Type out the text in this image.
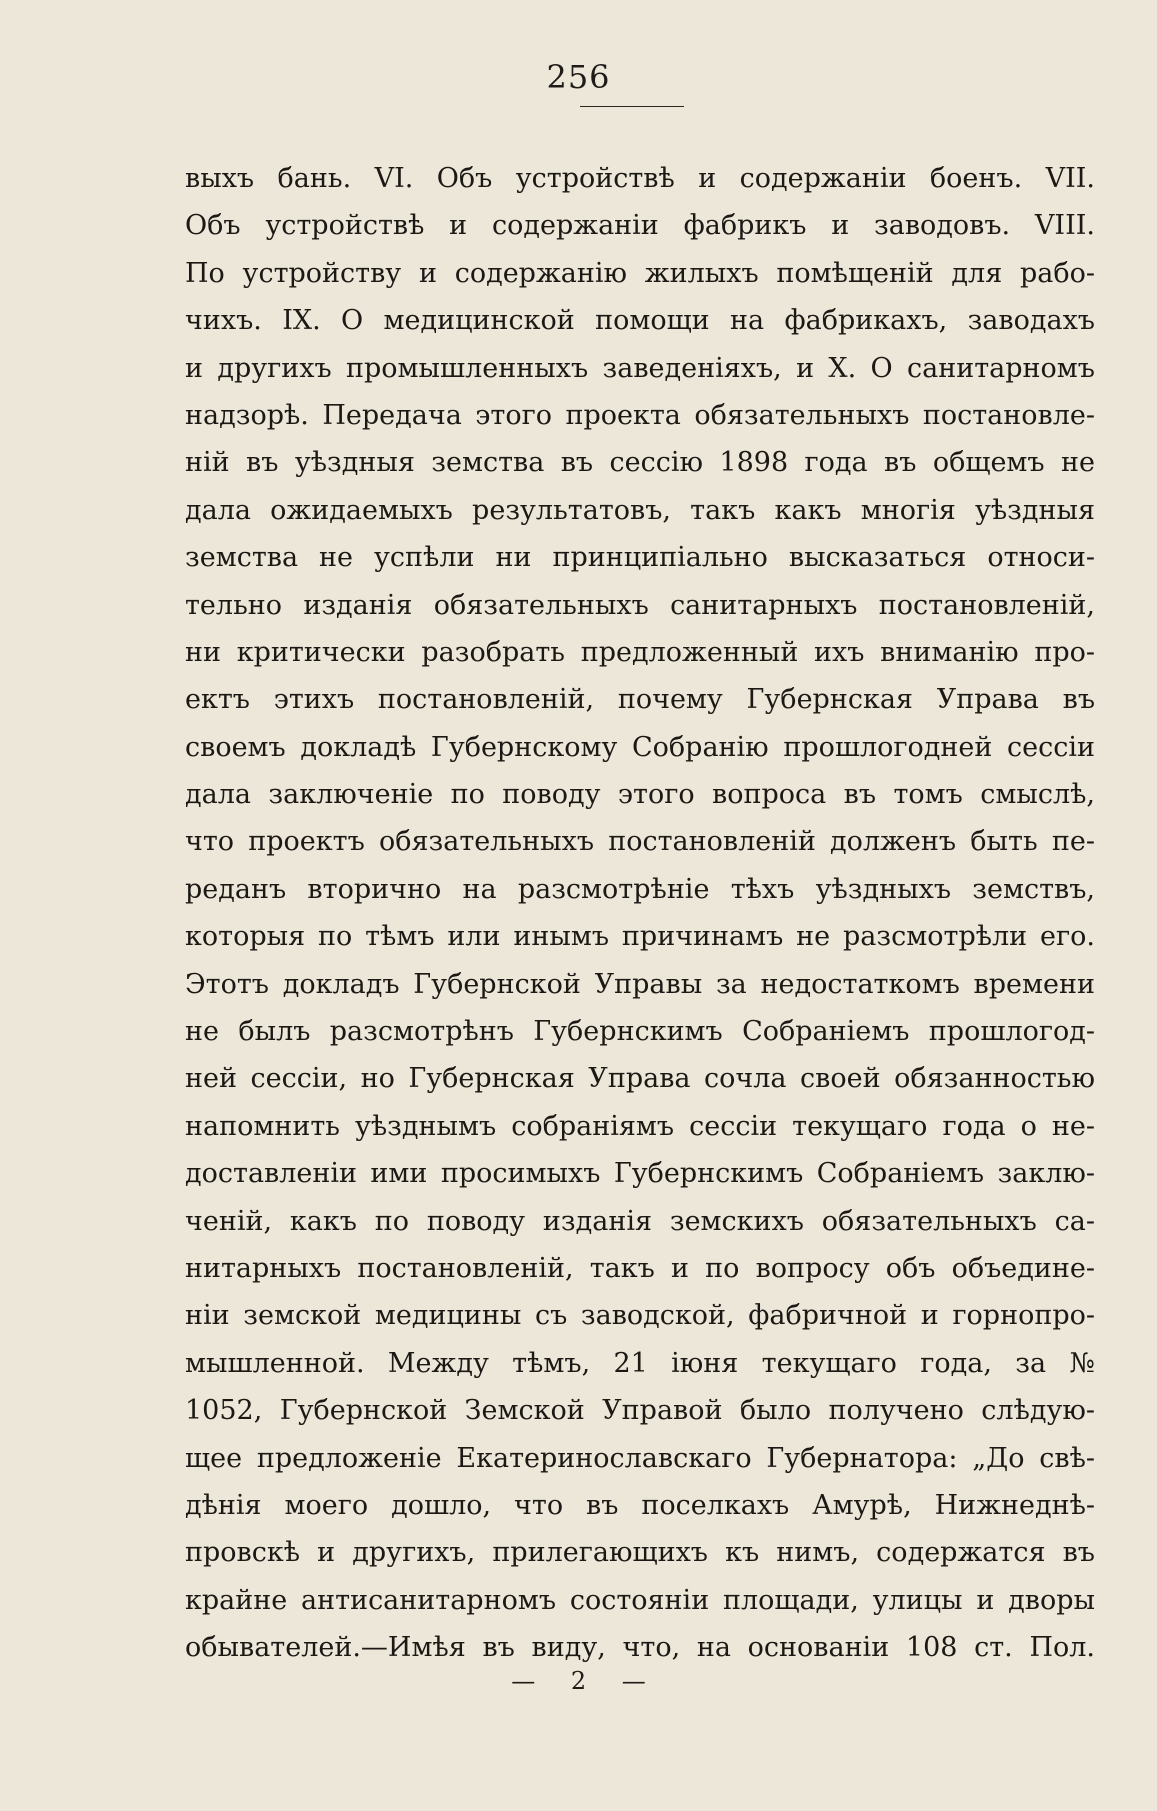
256
выхъ бань. VI. Объ устройствѣ и содержаніи боенъ. VII.
Объ устройствѣ и содержаніи фабрикъ и заводовъ. VIII.
По устройству и содержанію жилыхъ помѣщеній для рабо-
чихъ. IX. О медицинской помощи на фабрикахъ, заводахъ
и другихъ промышленныхъ заведеніяхъ, и X. О санитарномъ
надзорѣ. Передача этого проекта обязательныхъ постановле-
ній въ уѣздныя земства въ сессію 1898 года въ общемъ не
дала ожидаемыхъ результатовъ, такъ какъ многія уѣздныя
земства не успѣли ни принципіально высказаться относи-
тельно изданія обязательныхъ санитарныхъ постановленій,
ни критически разобрать предложенный ихъ вниманію про-
ектъ этихъ постановленій, почему Губернская Управа въ
своемъ докладѣ Губернскому Собранію прошлогодней сессіи
дала заключеніе по поводу этого вопроса въ томъ смыслѣ,
что проектъ обязательныхъ постановленій долженъ быть пе-
реданъ вторично на разсмотрѣніе тѣхъ уѣздныхъ земствъ,
которыя по тѣмъ или инымъ причинамъ не разсмотрѣли его.
Этотъ докладъ Губернской Управы за недостаткомъ времени
не былъ разсмотрѣнъ Губернскимъ Собраніемъ прошлогод-
ней сессіи, но Губернская Управа сочла своей обязанностью
напомнить уѣзднымъ собраніямъ сессіи текущаго года о не-
доставленіи ими просимыхъ Губернскимъ Собраніемъ заклю-
ченій, какъ по поводу изданія земскихъ обязательныхъ са-
нитарныхъ постановленій, такъ и по вопросу объ объедине-
ніи земской медицины съ заводской, фабричной и горнопро-
мышленной. Между тѣмъ, 21 іюня текущаго года, за №
1052, Губернской Земской Управой было получено слѣдую-
щее предложеніе Екатеринославскаго Губернатора: „До свѣ-
дѣнія моего дошло, что въ поселкахъ Амурѣ, Нижнеднѣ-
провскѣ и другихъ, прилегающихъ къ нимъ, содержатся въ
крайне антисанитарномъ состояніи площади, улицы и дворы
обывателей.—Имѣя въ виду, что, на основаніи 108 ст. Пол.
— 2 —
